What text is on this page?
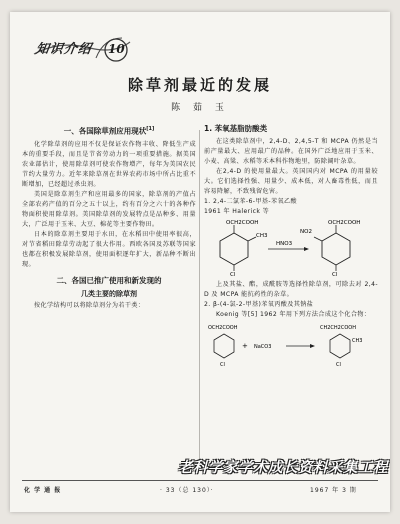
知识介绍 10
除草剂最近的发展
陈 茹 玉
一、各国除草剂应用现状[1]

化学除草剂的应用不仅是保证农作物丰收、降低生产成本的重要手段，而且是节省劳动力的一项重要措施。据美国农业部估计，使用除草剂可使农作物增产，每年为美国农民节约大量劳力。近年来除草剂在世界农药市场中所占比重不断增加，已经超过杀虫剂。

美国是除草剂生产和应用最多的国家，除草剂的产值占全部农药产值的百分之五十以上，约有百分之六十的各种作物面积使用除草剂。美国除草剂的发展特点是品种多、用量大，广泛用于玉米、大豆、棉花等主要作物田。

日本的除草剂主要用于水田，在水稻田中使用率很高，对节省稻田除草劳动起了很大作用。西欧各国及苏联等国家也都在积极发展除草剂，使用面积逐年扩大，新品种不断出现。

二、各国已推广使用和新发现的
几类主要的除草剂

按化学结构可以将除草剂分为若干类：

1. 苯氧基脂肪酸类

在这类除草剂中，2,4-D、2,4,5-T 和 MCPA 仍然是当前产量最大、应用最广的品种。在国外广泛地应用于玉米、小麦、高粱、水稻等禾本科作物地里，防除阔叶杂草。

在2,4-D 的使用量最大。英国国内对 MCPA 的用量较大。它们选择性强、用量少、成本低，对人畜毒性低，而且容易降解，不致残留危害。

1. 2,4-二氯苯-6-甲基-苯氧乙酸

1961 年 Halerick 等

OCH2COOH
CH3
Cl
HNO3
OCH2COOH
NO2
Cl

上及其盐、酯，成酰胺等选择性除草剂，可除去对 2,4-D 及 MCPA 能抗药性的杂草。

2. β-(4-氯-2-甲基)苯氧丙酸及其钠盐

Koenig 等[5] 1962 年用下列方法合成这个化合物：

OCH2COOH
Cl
+ NaCO3
CH2CH2COOH
CH3
Cl
化 学 通 报	· 33（总 130）·	1967 年 3 期
老科学家学术成长资料采集工程
